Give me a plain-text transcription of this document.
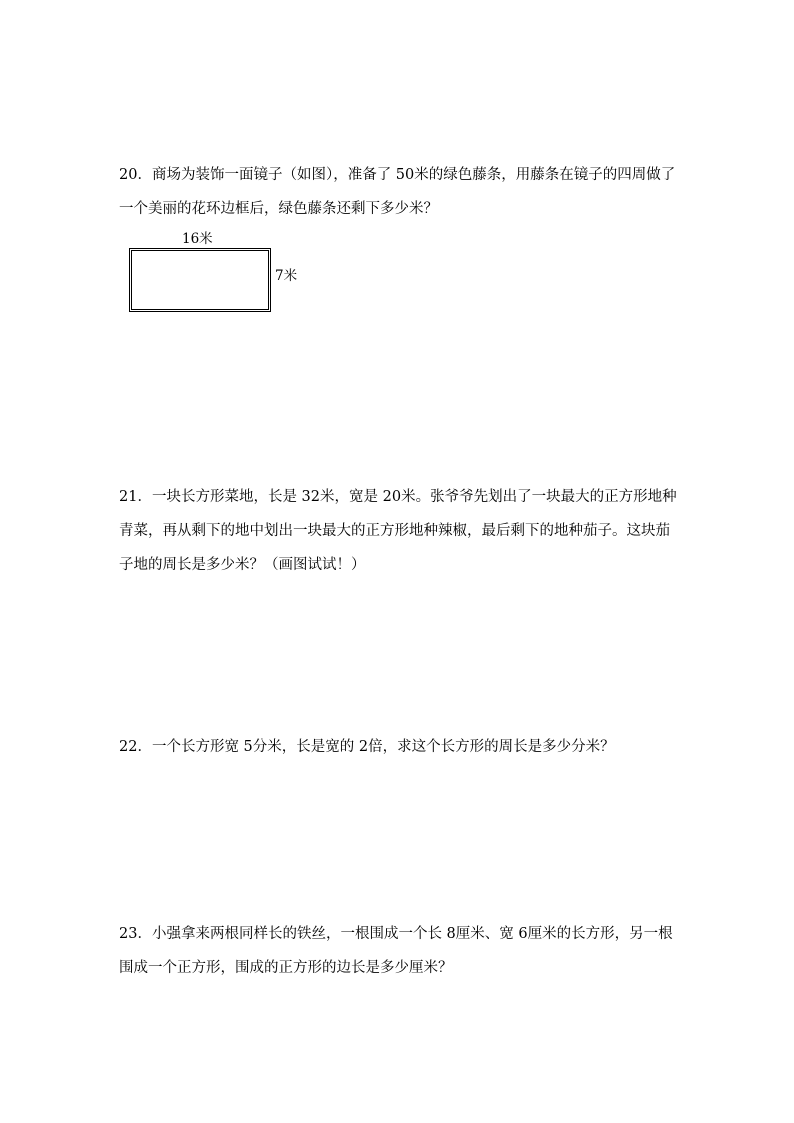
20．商场为装饰一面镜子（如图），准备了 50米的绿色藤条，用藤条在镜子的四周做了一个美丽的花环边框后，绿色藤条还剩下多少米？

16米
7米

21．一块长方形菜地，长是 32米，宽是 20米。张爷爷先划出了一块最大的正方形地种青菜，再从剩下的地中划出一块最大的正方形地种辣椒，最后剩下的地种茄子。这块茄子地的周长是多少米？（画图试试！）

22．一个长方形宽 5分米，长是宽的 2倍，求这个长方形的周长是多少分米？

23．小强拿来两根同样长的铁丝，一根围成一个长 8厘米、宽 6厘米的长方形，另一根围成一个正方形，围成的正方形的边长是多少厘米？
